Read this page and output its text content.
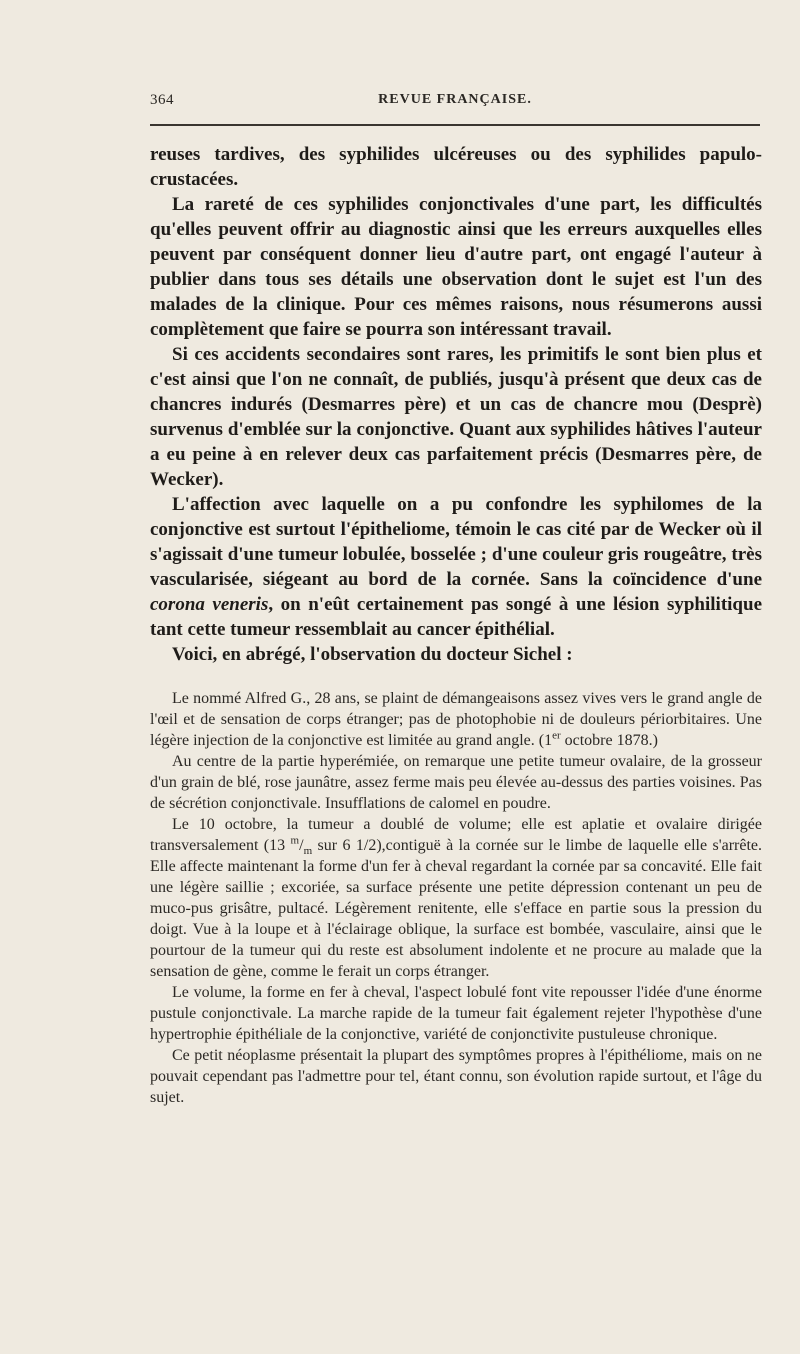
364	REVUE FRANÇAISE.

reuses tardives, des syphilides ulcéreuses ou des syphilides papulo-crustacées.

La rareté de ces syphilides conjonctivales d'une part, les difficultés qu'elles peuvent offrir au diagnostic ainsi que les erreurs auxquelles elles peuvent par conséquent donner lieu d'autre part, ont engagé l'auteur à publier dans tous ses détails une observation dont le sujet est l'un des malades de la clinique. Pour ces mêmes raisons, nous résumerons aussi complètement que faire se pourra son intéressant travail.

Si ces accidents secondaires sont rares, les primitifs le sont bien plus et c'est ainsi que l'on ne connaît, de publiés, jusqu'à présent que deux cas de chancres indurés (Desmarres père) et un cas de chancre mou (Desprè) survenus d'emblée sur la conjonctive. Quant aux syphilides hâtives l'auteur a eu peine à en relever deux cas parfaitement précis (Desmarres père, de Wecker).

L'affection avec laquelle on a pu confondre les syphilomes de la conjonctive est surtout l'épitheliome, témoin le cas cité par de Wecker où il s'agissait d'une tumeur lobulée, bosselée ; d'une couleur gris rougeâtre, très vascularisée, siégeant au bord de la cornée. Sans la coïncidence d'une corona veneris, on n'eût certainement pas songé à une lésion syphilitique tant cette tumeur ressemblait au cancer épithélial.

Voici, en abrégé, l'observation du docteur Sichel :

Le nommé Alfred G., 28 ans, se plaint de démangeaisons assez vives vers le grand angle de l'œil et de sensation de corps étranger; pas de photophobie ni de douleurs périorbitaires. Une légère injection de la conjonctive est limitée au grand angle. (1er octobre 1878.)

Au centre de la partie hyperémiée, on remarque une petite tumeur ovalaire, de la grosseur d'un grain de blé, rose jaunâtre, assez ferme mais peu élevée au-dessus des parties voisines. Pas de sécrétion conjonctivale. Insufflations de calomel en poudre.

Le 10 octobre, la tumeur a doublé de volume; elle est aplatie et ovalaire dirigée transversalement (13 $^m/_m$ sur 6 1/2),contiguë à la cornée sur le limbe de laquelle elle s'arrête. Elle affecte maintenant la forme d'un fer à cheval regardant la cornée par sa concavité. Elle fait une légère saillie ; excoriée, sa surface présente une petite dépression contenant un peu de muco-pus grisâtre, pultacé. Légèrement renitente, elle s'efface en partie sous la pression du doigt. Vue à la loupe et à l'éclairage oblique, la surface est bombée, vasculaire, ainsi que le pourtour de la tumeur qui du reste est absolument indolente et ne procure au malade que la sensation de gène, comme le ferait un corps étranger.

Le volume, la forme en fer à cheval, l'aspect lobulé font vite repousser l'idée d'une énorme pustule conjonctivale. La marche rapide de la tumeur fait également rejeter l'hypothèse d'une hypertrophie épithéliale de la conjonctive, variété de conjonctivite pustuleuse chronique.

Ce petit néoplasme présentait la plupart des symptômes propres à l'épithéliome, mais on ne pouvait cependant pas l'admettre pour tel, étant connu, son évolution rapide surtout, et l'âge du sujet.
